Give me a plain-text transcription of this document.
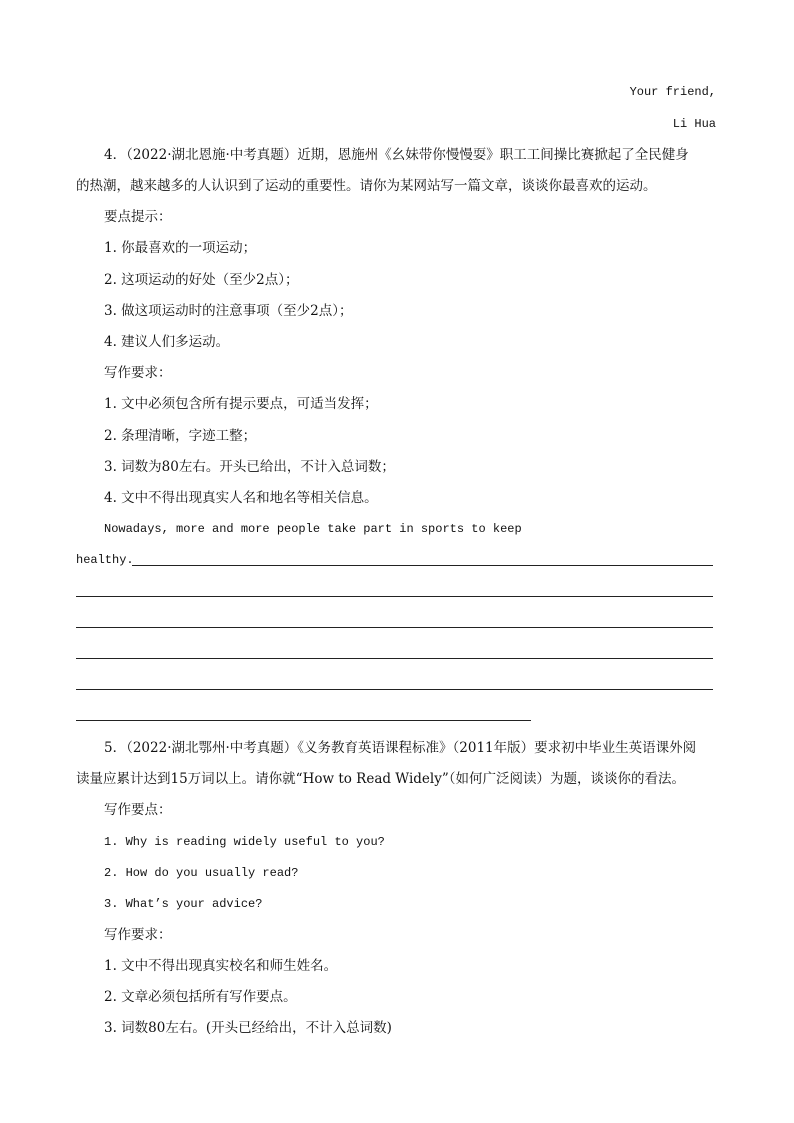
Your friend,
Li Hua
4．（2022·湖北恩施·中考真题）近期，恩施州《幺妹带你慢慢耍》职工工间操比赛掀起了全民健身
的热潮，越来越多的人认识到了运动的重要性。请你为某网站写一篇文章，谈谈你最喜欢的运动。
要点提示：
1. 你最喜欢的一项运动；
2. 这项运动的好处（至少2点）；
3. 做这项运动时的注意事项（至少2点）；
4. 建议人们多运动。
写作要求：
1. 文中必须包含所有提示要点，可适当发挥；
2. 条理清晰，字迹工整；
3. 词数为80左右。开头已给出，不计入总词数；
4. 文中不得出现真实人名和地名等相关信息。
Nowadays, more and more people take part in sports to keep
healthy.
5．（2022·湖北鄂州·中考真题）《义务教育英语课程标准》（2011年版）要求初中毕业生英语课外阅
读量应累计达到15万词以上。请你就“How to Read Widely”（如何广泛阅读）为题，谈谈你的看法。
写作要点：
1. Why is reading widely useful to you?
2. How do you usually read?
3. What’s your advice?
写作要求：
1. 文中不得出现真实校名和师生姓名。
2. 文章必须包括所有写作要点。
3. 词数80左右。(开头已经给出，不计入总词数)
